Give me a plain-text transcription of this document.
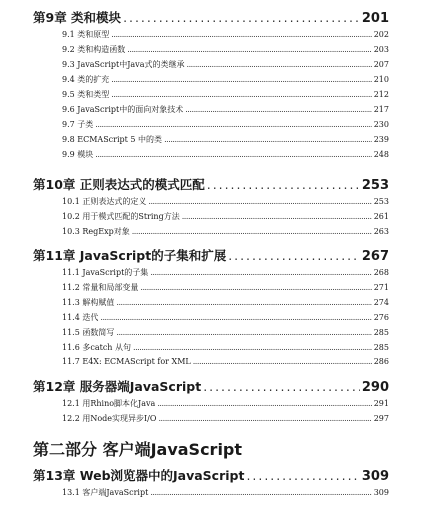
第9章 类和模块 . . .	201
9.1 类和原型 . . .	202
9.2 类和构造函数 . . .	203
9.3 JavaScript中Java式的类继承 . . .	207
9.4 类的扩充 . . .	210
9.5 类和类型 . . .	212
9.6 JavaScript中的面向对象技术 . . .	217
9.7 子类 . . .	230
9.8 ECMAScript 5 中的类 . . .	239
9.9 模块 . . .	248
第10章 正则表达式的模式匹配 . . .	253
10.1 正则表达式的定义 . . .	253
10.2 用于模式匹配的String方法 . . .	261
10.3 RegExp对象 . . .	263
第11章 JavaScript的子集和扩展 . . .	267
11.1 JavaScript的子集 . . .	268
11.2 常量和局部变量 . . .	271
11.3 解构赋值 . . .	274
11.4 迭代 . . .	276
11.5 函数简写 . . .	285
11.6 多catch 从句 . . .	285
11.7 E4X: ECMAScript for XML . . .	286
第12章 服务器端JavaScript . . .	290
12.1 用Rhino脚本化Java . . .	291
12.2 用Node实现异步I/O . . .	297
第二部分 客户端JavaScript
第13章 Web浏览器中的JavaScript . . .	309
13.1 客户端JavaScript . . .	309
